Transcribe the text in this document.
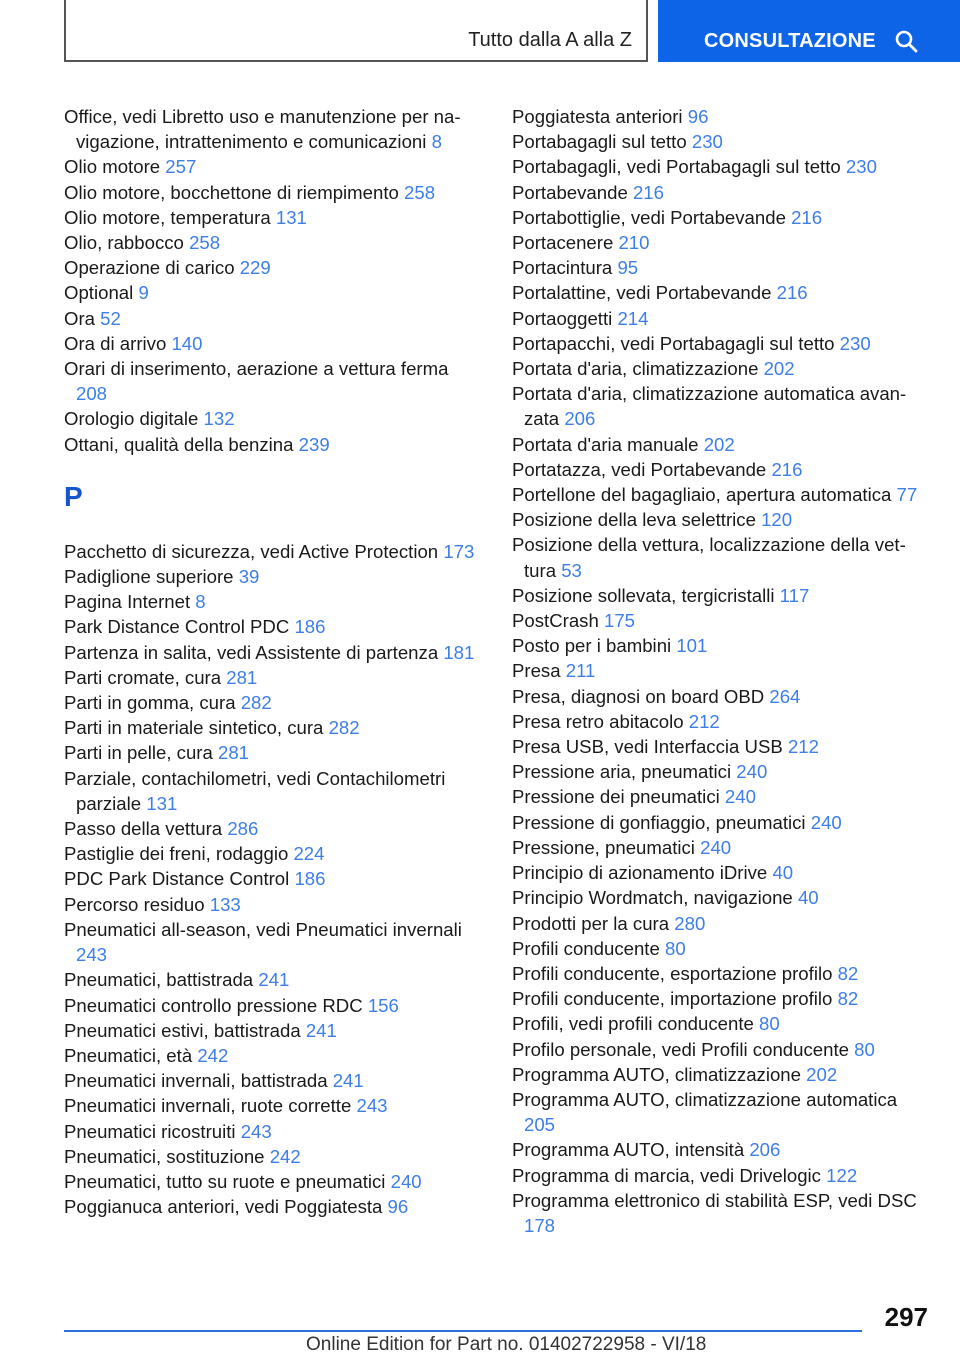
Tutto dalla A alla Z	CONSULTAZIONE
Office, vedi Libretto uso e manutenzione per navigazione, intrattenimento e comunicazioni 8
Olio motore 257
Olio motore, bocchettone di riempimento 258
Olio motore, temperatura 131
Olio, rabbocco 258
Operazione di carico 229
Optional 9
Ora 52
Ora di arrivo 140
Orari di inserimento, aerazione a vettura ferma 208
Orologio digitale 132
Ottani, qualità della benzina 239
P
Pacchetto di sicurezza, vedi Active Protection 173
Padiglione superiore 39
Pagina Internet 8
Park Distance Control PDC 186
Partenza in salita, vedi Assistente di partenza 181
Parti cromate, cura 281
Parti in gomma, cura 282
Parti in materiale sintetico, cura 282
Parti in pelle, cura 281
Parziale, contachilometri, vedi Contachilometri parziale 131
Passo della vettura 286
Pastiglie dei freni, rodaggio 224
PDC Park Distance Control 186
Percorso residuo 133
Pneumatici all-season, vedi Pneumatici invernali 243
Pneumatici, battistrada 241
Pneumatici controllo pressione RDC 156
Pneumatici estivi, battistrada 241
Pneumatici, età 242
Pneumatici invernali, battistrada 241
Pneumatici invernali, ruote corrette 243
Pneumatici ricostruiti 243
Pneumatici, sostituzione 242
Pneumatici, tutto su ruote e pneumatici 240
Poggianuca anteriori, vedi Poggiatesta 96
Poggiatesta anteriori 96
Portabagagli sul tetto 230
Portabagagli, vedi Portabagagli sul tetto 230
Portabevande 216
Portabottiglie, vedi Portabevande 216
Portacenere 210
Portacintura 95
Portalattine, vedi Portabevande 216
Portaoggetti 214
Portapacchi, vedi Portabagagli sul tetto 230
Portata d'aria, climatizzazione 202
Portata d'aria, climatizzazione automatica avanzata 206
Portata d'aria manuale 202
Portatazza, vedi Portabevande 216
Portellone del bagagliaio, apertura automatica 77
Posizione della leva selettrice 120
Posizione della vettura, localizzazione della vettura 53
Posizione sollevata, tergicristalli 117
PostCrash 175
Posto per i bambini 101
Presa 211
Presa, diagnosi on board OBD 264
Presa retro abitacolo 212
Presa USB, vedi Interfaccia USB 212
Pressione aria, pneumatici 240
Pressione dei pneumatici 240
Pressione di gonfiaggio, pneumatici 240
Pressione, pneumatici 240
Principio di azionamento iDrive 40
Principio Wordmatch, navigazione 40
Prodotti per la cura 280
Profili conducente 80
Profili conducente, esportazione profilo 82
Profili conducente, importazione profilo 82
Profili, vedi profili conducente 80
Profilo personale, vedi Profili conducente 80
Programma AUTO, climatizzazione 202
Programma AUTO, climatizzazione automatica 205
Programma AUTO, intensità 206
Programma di marcia, vedi Drivelogic 122
Programma elettronico di stabilità ESP, vedi DSC 178
297
Online Edition for Part no. 01402722958 - VI/18
